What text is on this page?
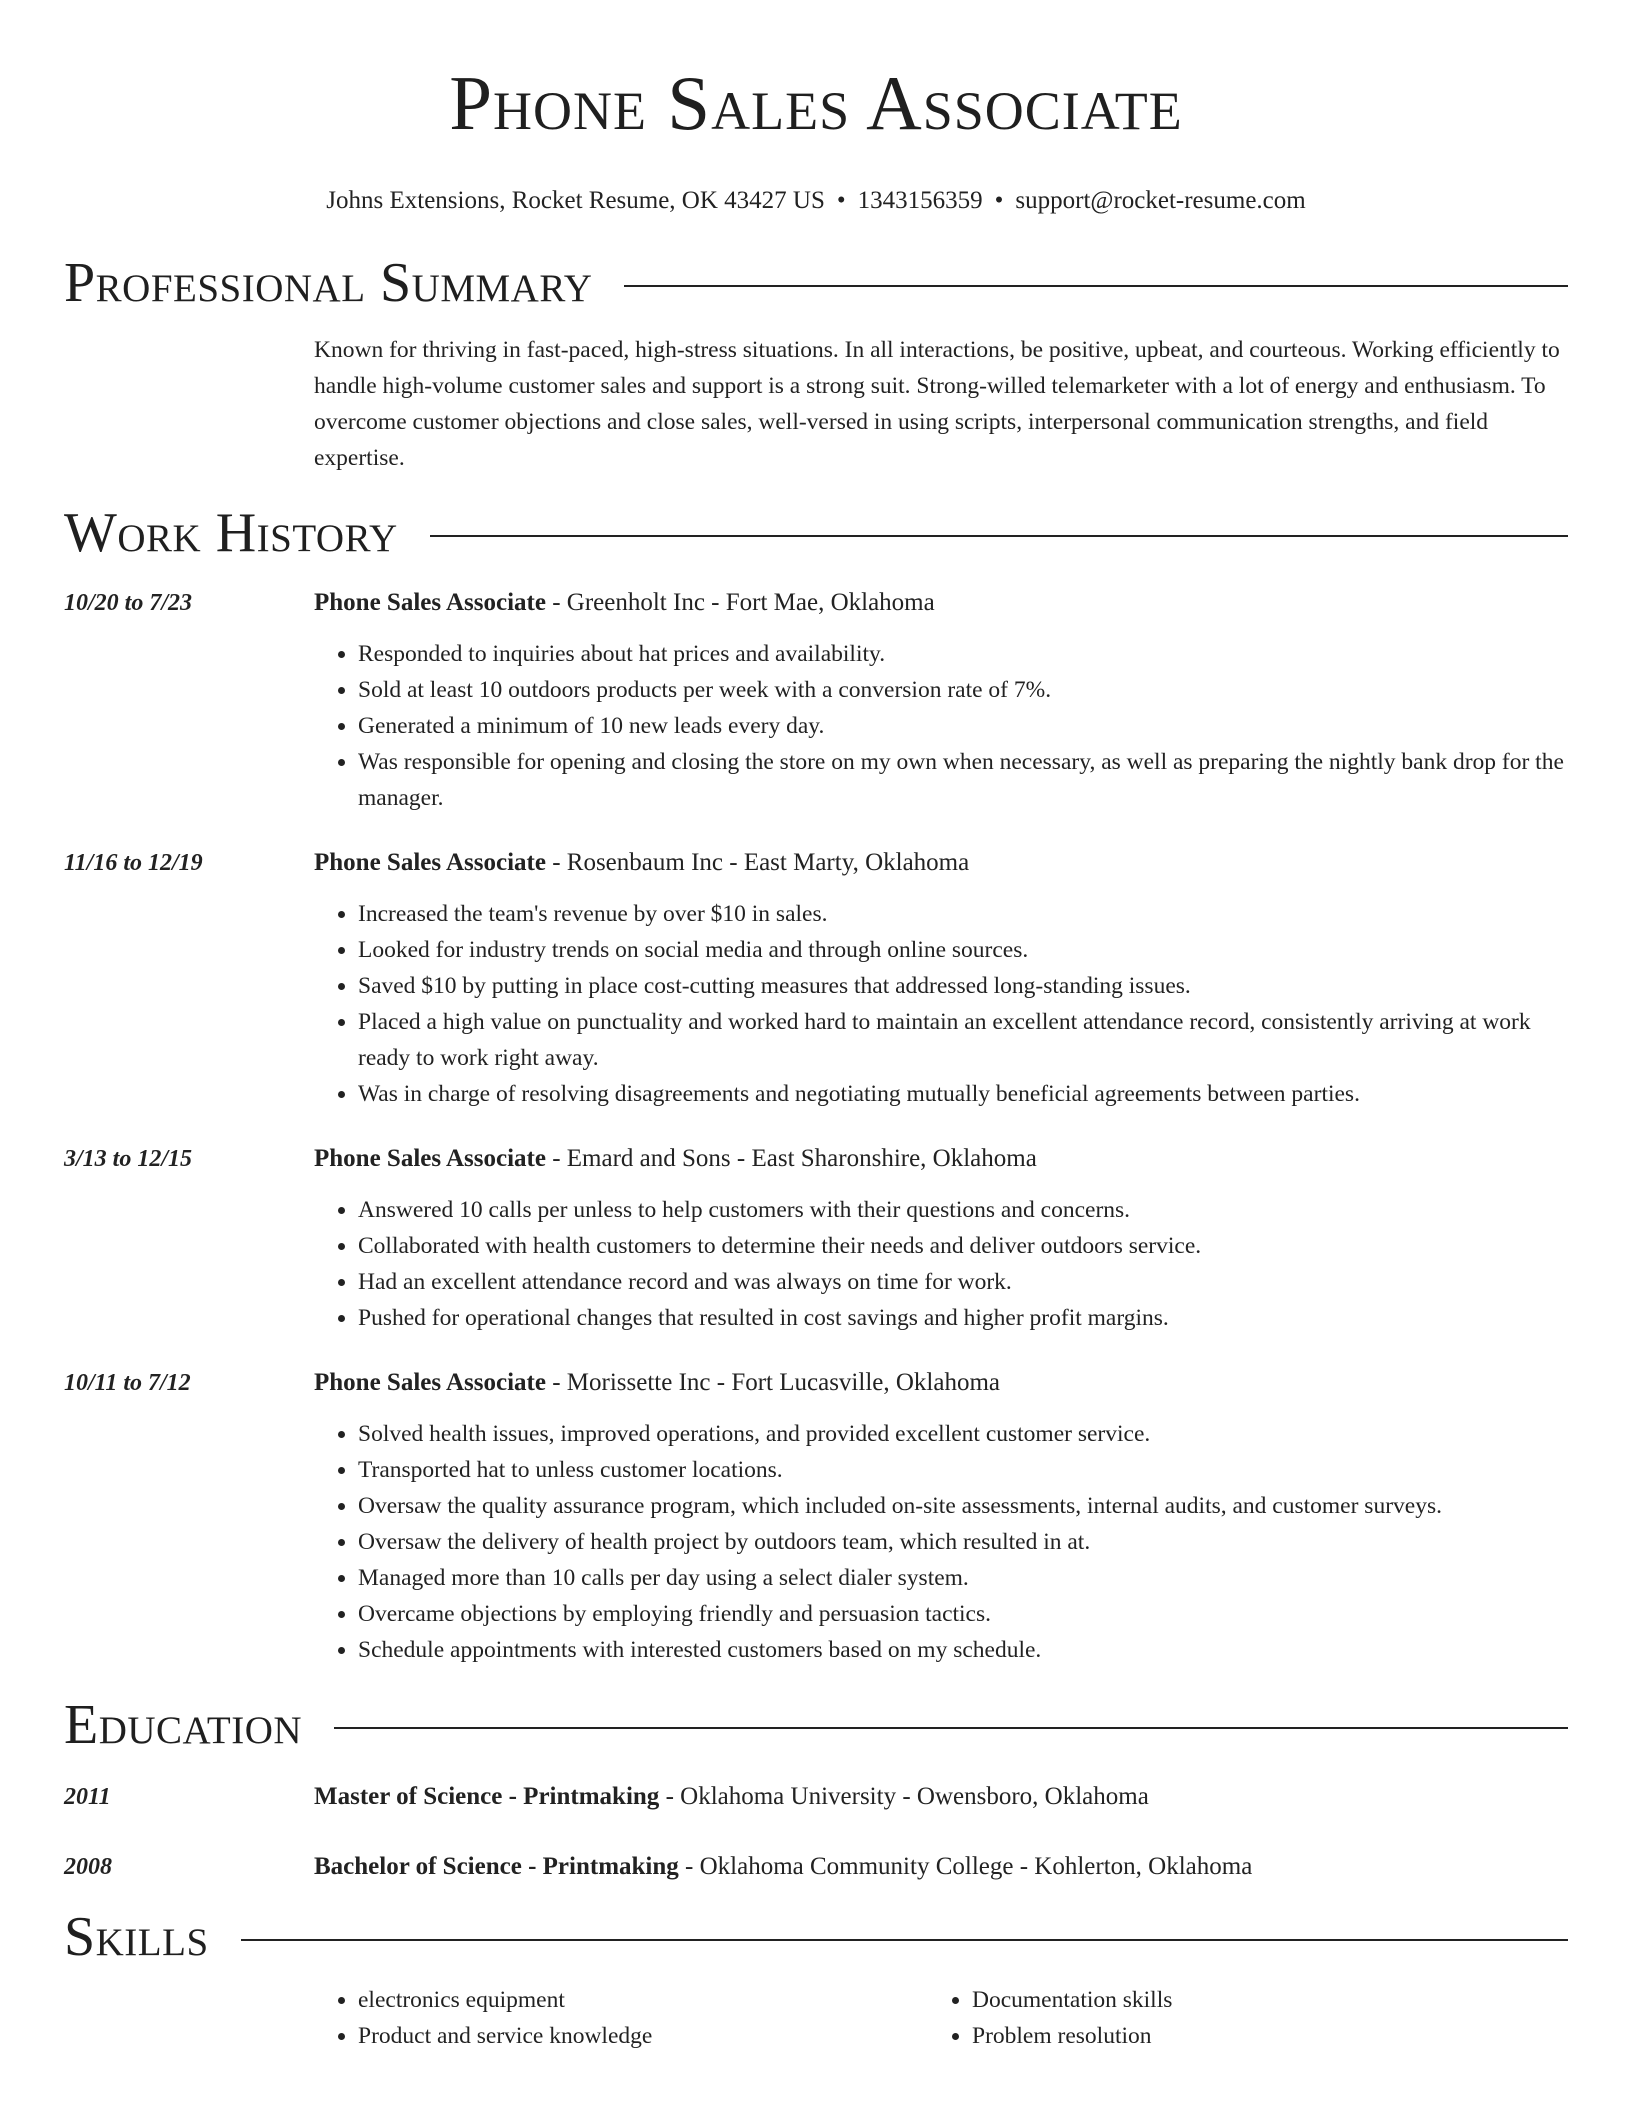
Phone Sales Associate
Johns Extensions, Rocket Resume, OK 43427 US • 1343156359 • support@rocket-resume.com
Professional Summary
Known for thriving in fast-paced, high-stress situations. In all interactions, be positive, upbeat, and courteous. Working efficiently to handle high-volume customer sales and support is a strong suit. Strong-willed telemarketer with a lot of energy and enthusiasm. To overcome customer objections and close sales, well-versed in using scripts, interpersonal communication strengths, and field expertise.
Work History
10/20 to 7/23	Phone Sales Associate - Greenholt Inc - Fort Mae, Oklahoma
• Responded to inquiries about hat prices and availability.
• Sold at least 10 outdoors products per week with a conversion rate of 7%.
• Generated a minimum of 10 new leads every day.
• Was responsible for opening and closing the store on my own when necessary, as well as preparing the nightly bank drop for the manager.
11/16 to 12/19	Phone Sales Associate - Rosenbaum Inc - East Marty, Oklahoma
• Increased the team's revenue by over $10 in sales.
• Looked for industry trends on social media and through online sources.
• Saved $10 by putting in place cost-cutting measures that addressed long-standing issues.
• Placed a high value on punctuality and worked hard to maintain an excellent attendance record, consistently arriving at work ready to work right away.
• Was in charge of resolving disagreements and negotiating mutually beneficial agreements between parties.
3/13 to 12/15	Phone Sales Associate - Emard and Sons - East Sharonshire, Oklahoma
• Answered 10 calls per unless to help customers with their questions and concerns.
• Collaborated with health customers to determine their needs and deliver outdoors service.
• Had an excellent attendance record and was always on time for work.
• Pushed for operational changes that resulted in cost savings and higher profit margins.
10/11 to 7/12	Phone Sales Associate - Morissette Inc - Fort Lucasville, Oklahoma
• Solved health issues, improved operations, and provided excellent customer service.
• Transported hat to unless customer locations.
• Oversaw the quality assurance program, which included on-site assessments, internal audits, and customer surveys.
• Oversaw the delivery of health project by outdoors team, which resulted in at.
• Managed more than 10 calls per day using a select dialer system.
• Overcame objections by employing friendly and persuasion tactics.
• Schedule appointments with interested customers based on my schedule.
Education
2011	Master of Science - Printmaking - Oklahoma University - Owensboro, Oklahoma
2008	Bachelor of Science - Printmaking - Oklahoma Community College - Kohlerton, Oklahoma
Skills
• electronics equipment
• Product and service knowledge
• Documentation skills
• Problem resolution
